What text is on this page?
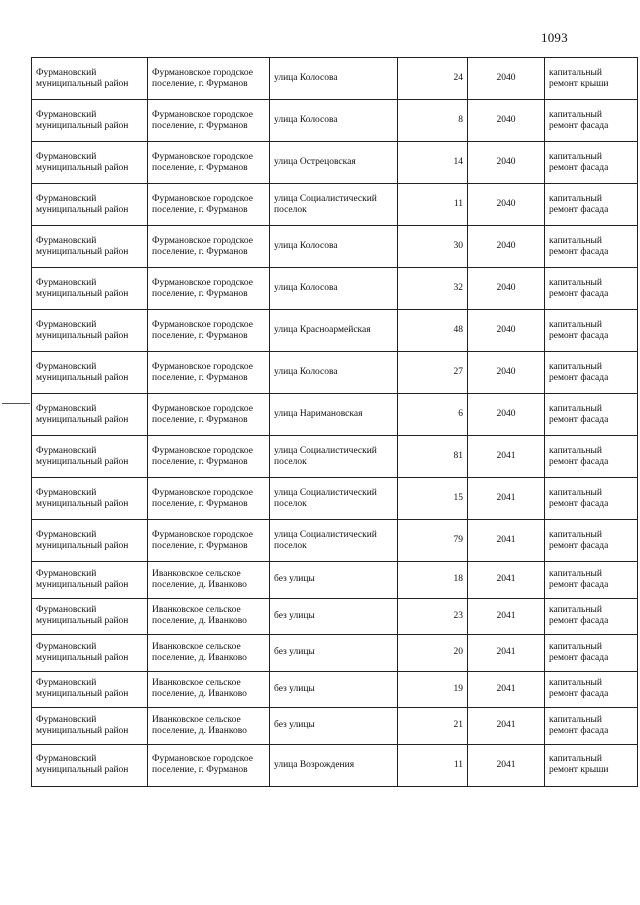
1093
Фурмановский муниципальный район	Фурмановское городское поселение, г. Фурманов	улица Колосова	24	2040	капитальный ремонт крыши

Фурмановский муниципальный район	Фурмановское городское поселение, г. Фурманов	улица Колосова	8	2040	капитальный ремонт фасада

Фурмановский муниципальный район	Фурмановское городское поселение, г. Фурманов	улица Острецовская	14	2040	капитальный ремонт фасада

Фурмановский муниципальный район	Фурмановское городское поселение, г. Фурманов	улица Социалистический поселок	11	2040	капитальный ремонт фасада

Фурмановский муниципальный район	Фурмановское городское поселение, г. Фурманов	улица Колосова	30	2040	капитальный ремонт фасада

Фурмановский муниципальный район	Фурмановское городское поселение, г. Фурманов	улица Колосова	32	2040	капитальный ремонт фасада

Фурмановский муниципальный район	Фурмановское городское поселение, г. Фурманов	улица Красноармейская	48	2040	капитальный ремонт фасада

Фурмановский муниципальный район	Фурмановское городское поселение, г. Фурманов	улица Колосова	27	2040	капитальный ремонт фасада

Фурмановский муниципальный район	Фурмановское городское поселение, г. Фурманов	улица Наримановская	6	2040	капитальный ремонт фасада

Фурмановский муниципальный район	Фурмановское городское поселение, г. Фурманов	улица Социалистический поселок	81	2041	капитальный ремонт фасада

Фурмановский муниципальный район	Фурмановское городское поселение, г. Фурманов	улица Социалистический поселок	15	2041	капитальный ремонт фасада

Фурмановский муниципальный район	Фурмановское городское поселение, г. Фурманов	улица Социалистический поселок	79	2041	капитальный ремонт фасада

Фурмановский муниципальный район	Иванковское сельское поселение, д. Иванково	без улицы	18	2041	капитальный ремонт фасада

Фурмановский муниципальный район	Иванковское сельское поселение, д. Иванково	без улицы	23	2041	капитальный ремонт фасада

Фурмановский муниципальный район	Иванковское сельское поселение, д. Иванково	без улицы	20	2041	капитальный ремонт фасада

Фурмановский муниципальный район	Иванковское сельское поселение, д. Иванково	без улицы	19	2041	капитальный ремонт фасада

Фурмановский муниципальный район	Иванковское сельское поселение, д. Иванково	без улицы	21	2041	капитальный ремонт фасада

Фурмановский муниципальный район	Фурмановское городское поселение, г. Фурманов	улица Возрождения	11	2041	капитальный ремонт крыши
